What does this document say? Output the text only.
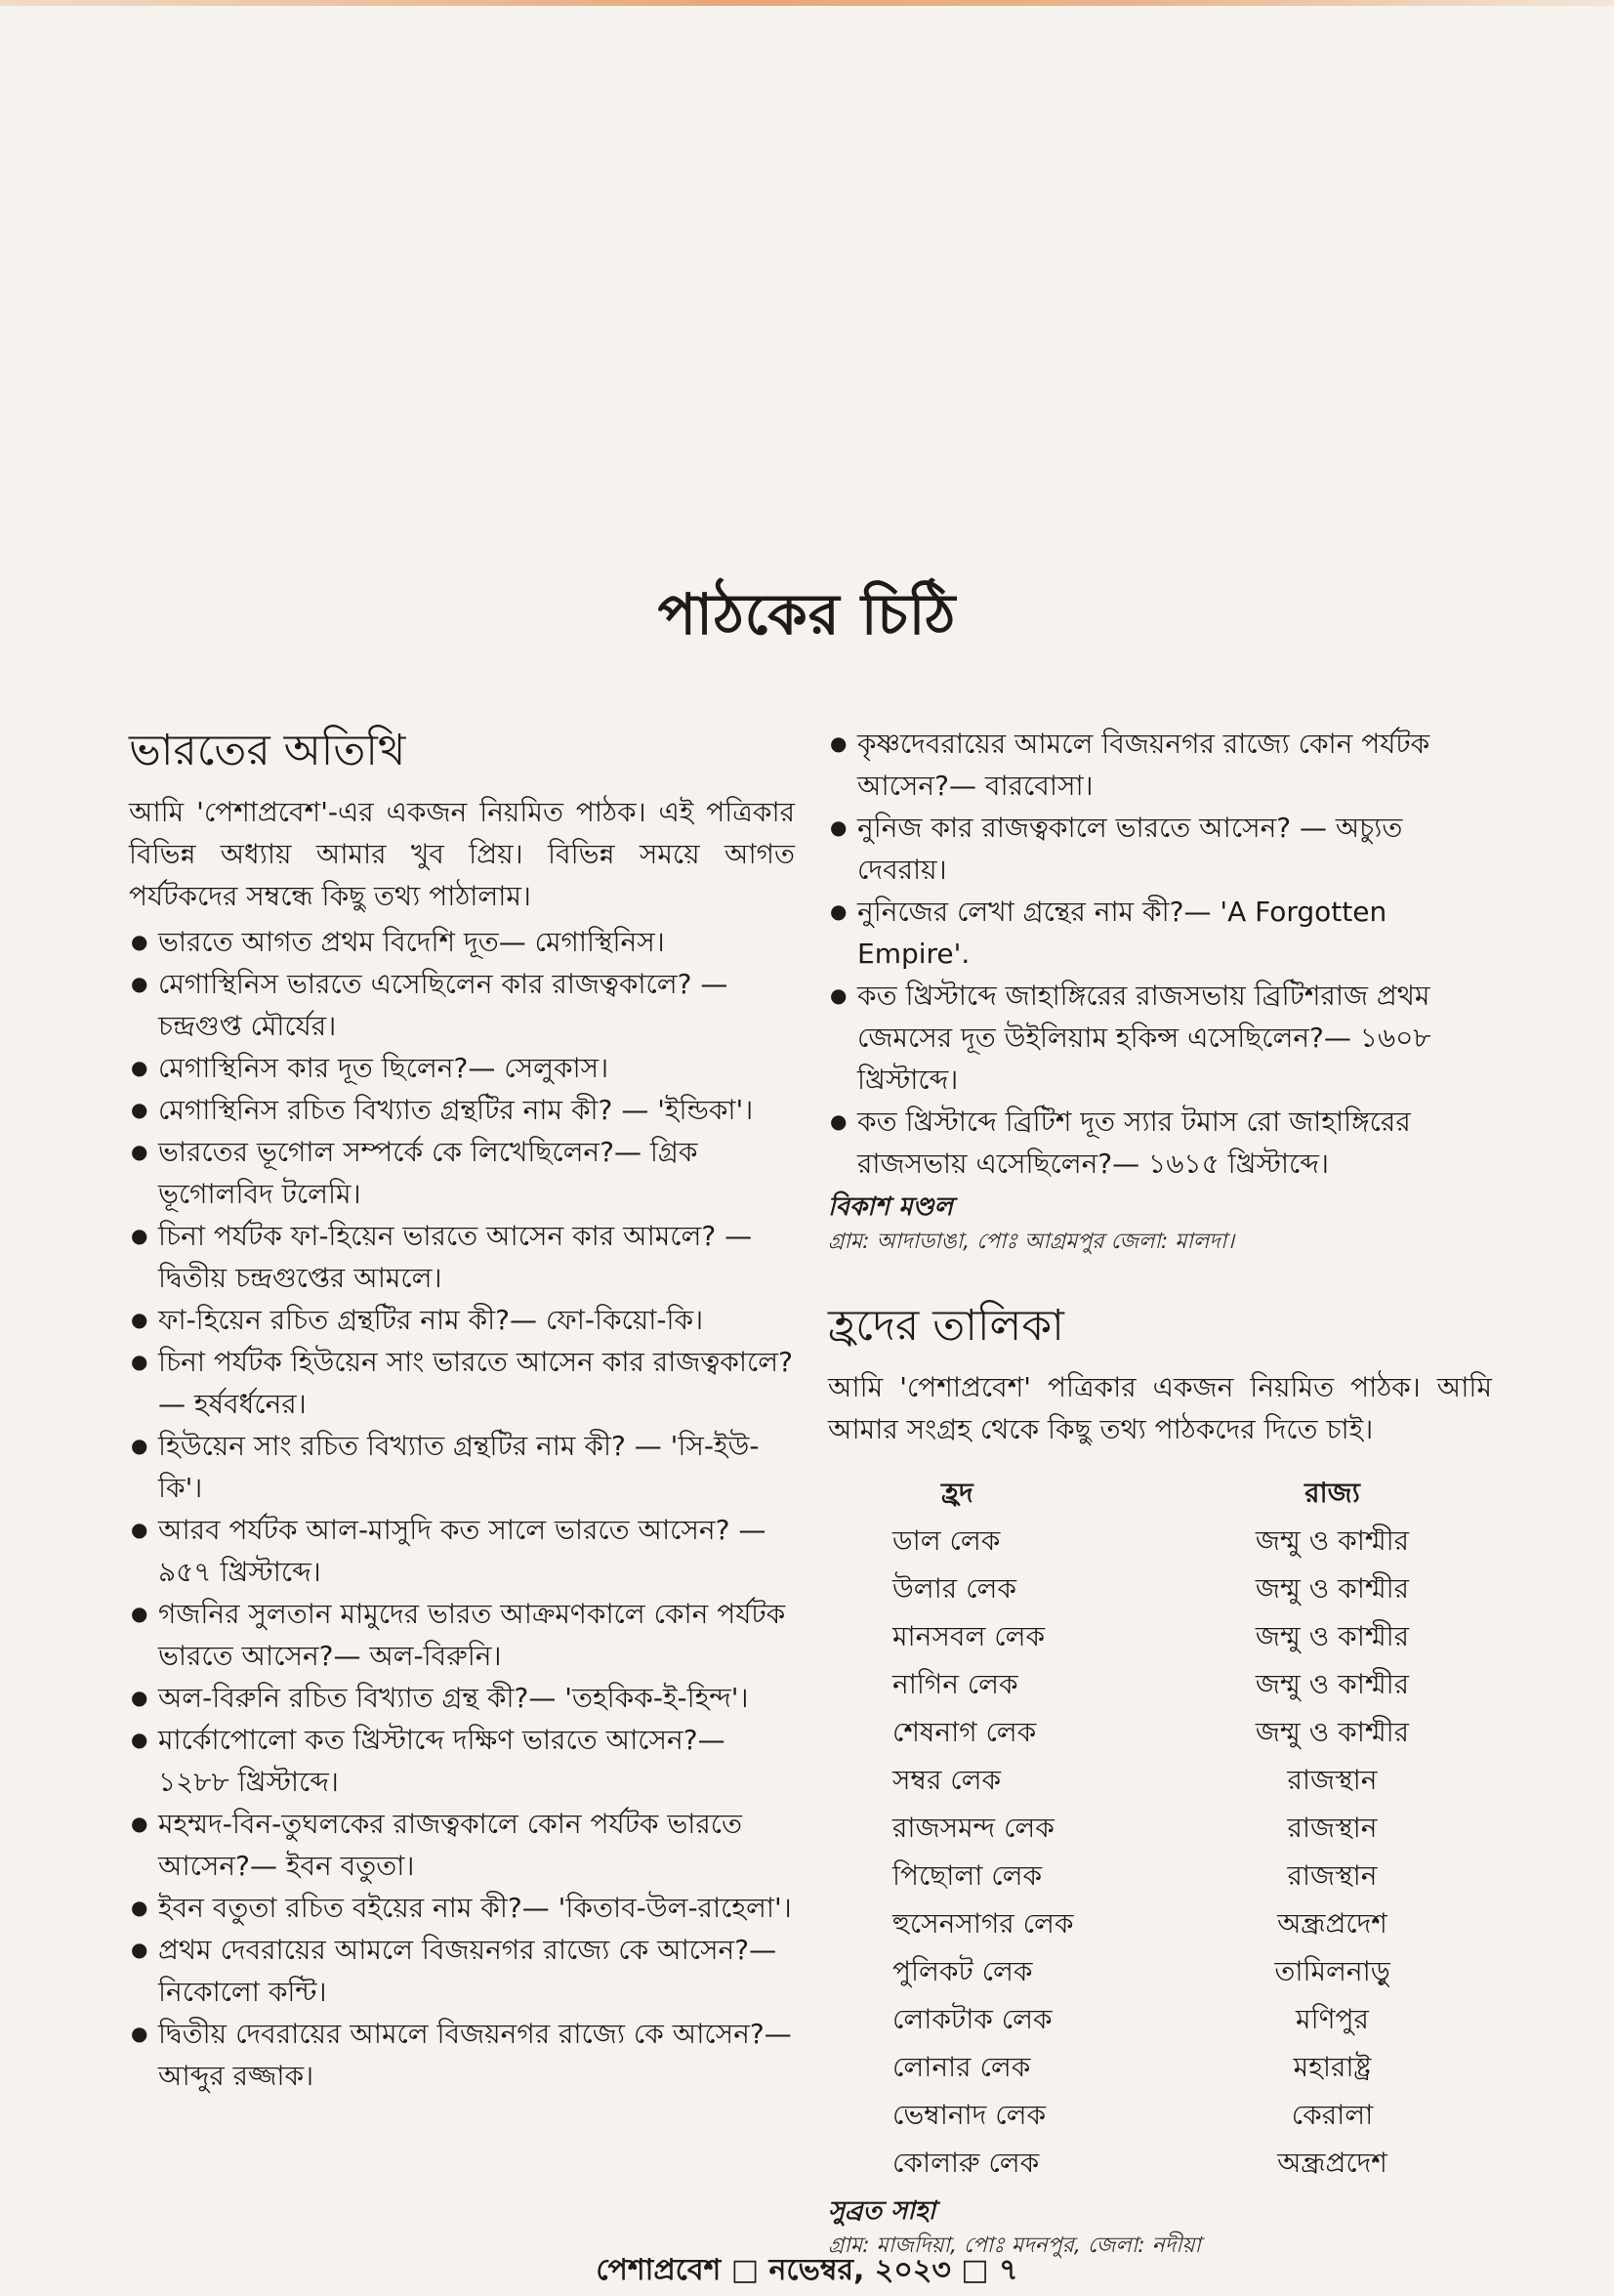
পাঠকের চিঠি
ভারতের অতিথি

আমি 'পেশাপ্রবেশ'-এর একজন নিয়মিত পাঠক। এই পত্রিকার বিভিন্ন অধ্যায় আমার খুব প্রিয়। বিভিন্ন সময়ে আগত পর্যটকদের সম্বন্ধে কিছু তথ্য পাঠালাম।

● ভারতে আগত প্রথম বিদেশি দূত— মেগাস্থিনিস।
● মেগাস্থিনিস ভারতে এসেছিলেন কার রাজত্বকালে? — চন্দ্রগুপ্ত মৌর্যের।
● মেগাস্থিনিস কার দূত ছিলেন?— সেলুকাস।
● মেগাস্থিনিস রচিত বিখ্যাত গ্রন্থটির নাম কী? — 'ইন্ডিকা'।
● ভারতের ভূগোল সম্পর্কে কে লিখেছিলেন?— গ্রিক ভূগোলবিদ টলেমি।
● চিনা পর্যটক ফা-হিয়েন ভারতে আসেন কার আমলে? — দ্বিতীয় চন্দ্রগুপ্তের আমলে।
● ফা-হিয়েন রচিত গ্রন্থটির নাম কী?— ফো-কিয়ো-কি।
● চিনা পর্যটক হিউয়েন সাং ভারতে আসেন কার রাজত্বকালে?— হর্ষবর্ধনের।
● হিউয়েন সাং রচিত বিখ্যাত গ্রন্থটির নাম কী? — 'সি-ইউ-কি'।
● আরব পর্যটক আল-মাসুদি কত সালে ভারতে আসেন? — ৯৫৭ খ্রিস্টাব্দে।
● গজনির সুলতান মামুদের ভারত আক্রমণকালে কোন পর্যটক ভারতে আসেন?— অল-বিরুনি।
● অল-বিরুনি রচিত বিখ্যাত গ্রন্থ কী?— 'তহকিক-ই-হিন্দ'।
● মার্কোপোলো কত খ্রিস্টাব্দে দক্ষিণ ভারতে আসেন?— ১২৮৮ খ্রিস্টাব্দে।
● মহম্মদ-বিন-তুঘলকের রাজত্বকালে কোন পর্যটক ভারতে আসেন?— ইবন বতুতা।
● ইবন বতুতা রচিত বইয়ের নাম কী?— 'কিতাব-উল-রাহেলা'।
● প্রথম দেবরায়ের আমলে বিজয়নগর রাজ্যে কে আসেন?— নিকোলো কন্টি।
● দ্বিতীয় দেবরায়ের আমলে বিজয়নগর রাজ্যে কে আসেন?— আব্দুর রজ্জাক।
● কৃষ্ণদেবরায়ের আমলে বিজয়নগর রাজ্যে কোন পর্যটক আসেন?— বারবোসা।
● নুনিজ কার রাজত্বকালে ভারতে আসেন? — অচ্যুত দেবরায়।
● নুনিজের লেখা গ্রন্থের নাম কী?— 'A Forgotten Empire'.
● কত খ্রিস্টাব্দে জাহাঙ্গিরের রাজসভায় ব্রিটিশরাজ প্রথম জেমসের দূত উইলিয়াম হকিন্স এসেছিলেন?— ১৬০৮ খ্রিস্টাব্দে।
● কত খ্রিস্টাব্দে ব্রিটিশ দূত স্যার টমাস রো জাহাঙ্গিরের রাজসভায় এসেছিলেন?— ১৬১৫ খ্রিস্টাব্দে।
বিকাশ মণ্ডল
গ্রাম: আদাডাঙা, পোঃ আগ্রমপুর জেলা: মালদা।
হ্রদের তালিকা

আমি 'পেশাপ্রবেশ' পত্রিকার একজন নিয়মিত পাঠক। আমি আমার সংগ্রহ থেকে কিছু তথ্য পাঠকদের দিতে চাই।

হ্রদ	রাজ্য
ডাল লেক	জম্মু ও কাশ্মীর
উলার লেক	জম্মু ও কাশ্মীর
মানসবল লেক	জম্মু ও কাশ্মীর
নাগিন লেক	জম্মু ও কাশ্মীর
শেষনাগ লেক	জম্মু ও কাশ্মীর
সম্বর লেক	রাজস্থান
রাজসমন্দ লেক	রাজস্থান
পিছোলা লেক	রাজস্থান
হুসেনসাগর লেক	অন্ধ্রপ্রদেশ
পুলিকট লেক	তামিলনাড়ু
লোকটাক লেক	মণিপুর
লোনার লেক	মহারাষ্ট্র
ভেম্বানাদ লেক	কেরালা
কোলারু লেক	অন্ধ্রপ্রদেশ
সুব্রত সাহা
গ্রাম: মাজদিয়া, পোঃ মদনপুর, জেলা: নদীয়া
পেশাপ্রবেশ □ নভেম্বর, ২০২৩ □ ৭
